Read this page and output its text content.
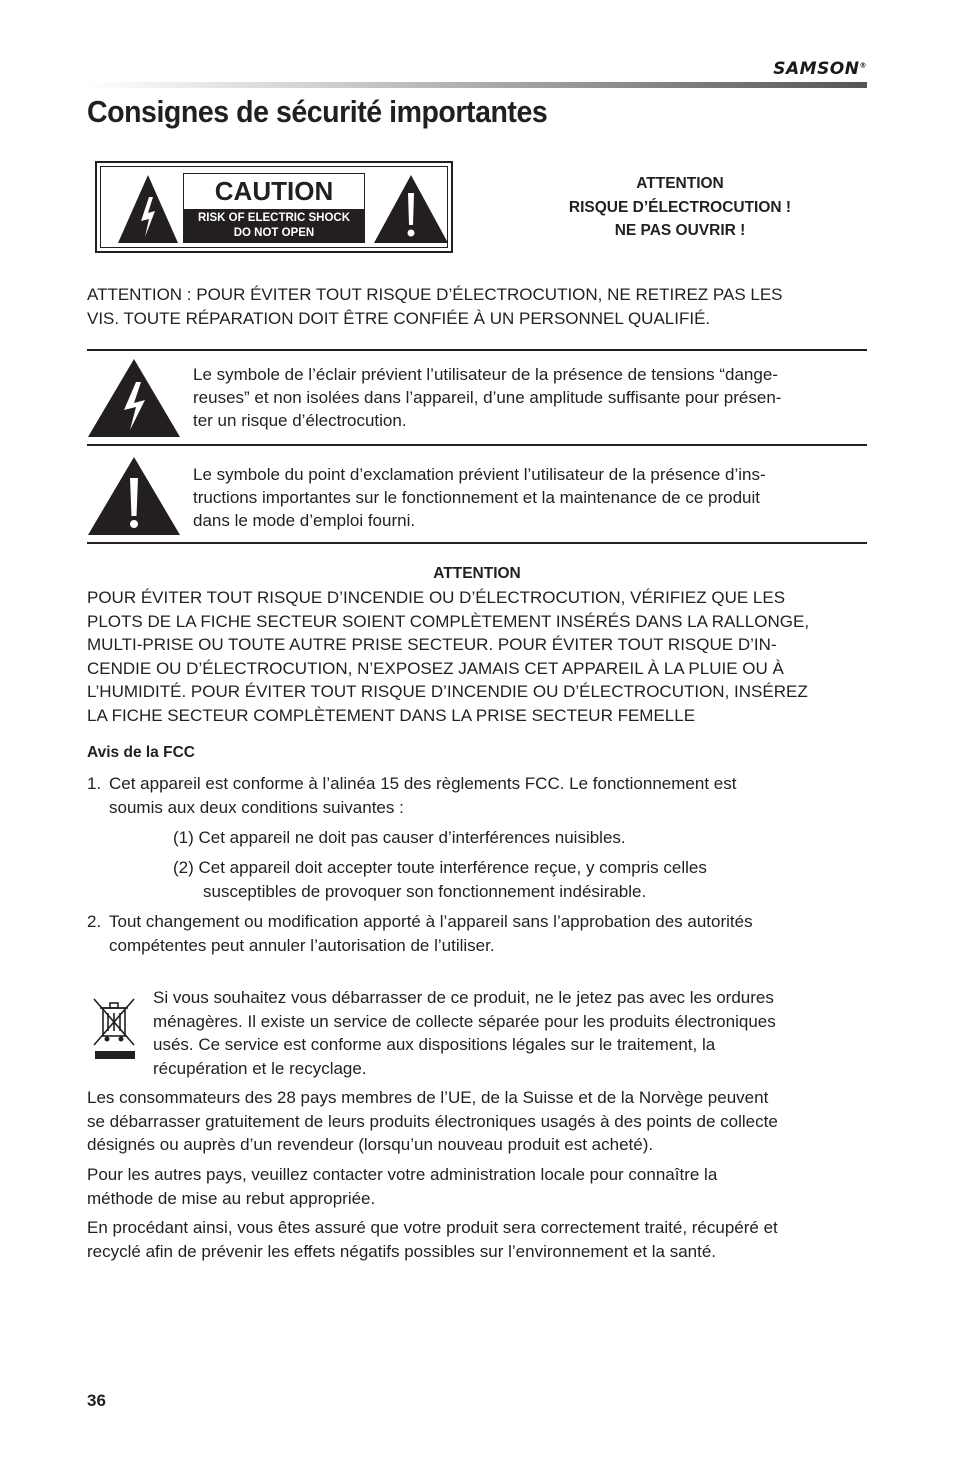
SAMSON®
Consignes de sécurité importantes
CAUTION
RISK OF ELECTRIC SHOCK
DO NOT OPEN
ATTENTION
RISQUE D’ÉLECTROCUTION !
NE PAS OUVRIR !
ATTENTION : POUR ÉVITER TOUT RISQUE D’ÉLECTROCUTION, NE RETIREZ PAS LES
VIS. TOUTE RÉPARATION DOIT ÊTRE CONFIÉE À UN PERSONNEL QUALIFIÉ.
Le symbole de l’éclair prévient l’utilisateur de la présence de tensions “dange-
reuses” et non isolées dans l’appareil, d’une amplitude suffisante pour présen-
ter un risque d’électrocution.
Le symbole du point d’exclamation prévient l’utilisateur de la présence d’ins-
tructions importantes sur le fonctionnement et la maintenance de ce produit
dans le mode d’emploi fourni.
ATTENTION
POUR ÉVITER TOUT RISQUE D’INCENDIE OU D’ÉLECTROCUTION, VÉRIFIEZ QUE LES
PLOTS DE LA FICHE SECTEUR SOIENT COMPLÈTEMENT INSÉRÉS DANS LA RALLONGE,
MULTI-PRISE OU TOUTE AUTRE PRISE SECTEUR. POUR ÉVITER TOUT RISQUE D’IN-
CENDIE OU D’ÉLECTROCUTION, N’EXPOSEZ JAMAIS CET APPAREIL À LA PLUIE OU À
L’HUMIDITÉ. POUR ÉVITER TOUT RISQUE D’INCENDIE OU D’ÉLECTROCUTION, INSÉREZ
LA FICHE SECTEUR COMPLÈTEMENT DANS LA PRISE SECTEUR FEMELLE
Avis de la FCC
1. Cet appareil est conforme à l’alinéa 15 des règlements FCC. Le fonctionnement est
soumis aux deux conditions suivantes :
(1) Cet appareil ne doit pas causer d’interférences nuisibles.
(2) Cet appareil doit accepter toute interférence reçue, y compris celles
susceptibles de provoquer son fonctionnement indésirable.
2. Tout changement ou modification apporté à l’appareil sans l’approbation des autorités
compétentes peut annuler l’autorisation de l’utiliser.
Si vous souhaitez vous débarrasser de ce produit, ne le jetez pas avec les ordures
ménagères. Il existe un service de collecte séparée pour les produits électroniques
usés. Ce service est conforme aux dispositions légales sur le traitement, la
récupération et le recyclage.
Les consommateurs des 28 pays membres de l’UE, de la Suisse et de la Norvège peuvent
se débarrasser gratuitement de leurs produits électroniques usagés à des points de collecte
désignés ou auprès d’un revendeur (lorsqu’un nouveau produit est acheté).
Pour les autres pays, veuillez contacter votre administration locale pour connaître la
méthode de mise au rebut appropriée.
En procédant ainsi, vous êtes assuré que votre produit sera correctement traité, récupéré et
recyclé afin de prévenir les effets négatifs possibles sur l’environnement et la santé.
36
